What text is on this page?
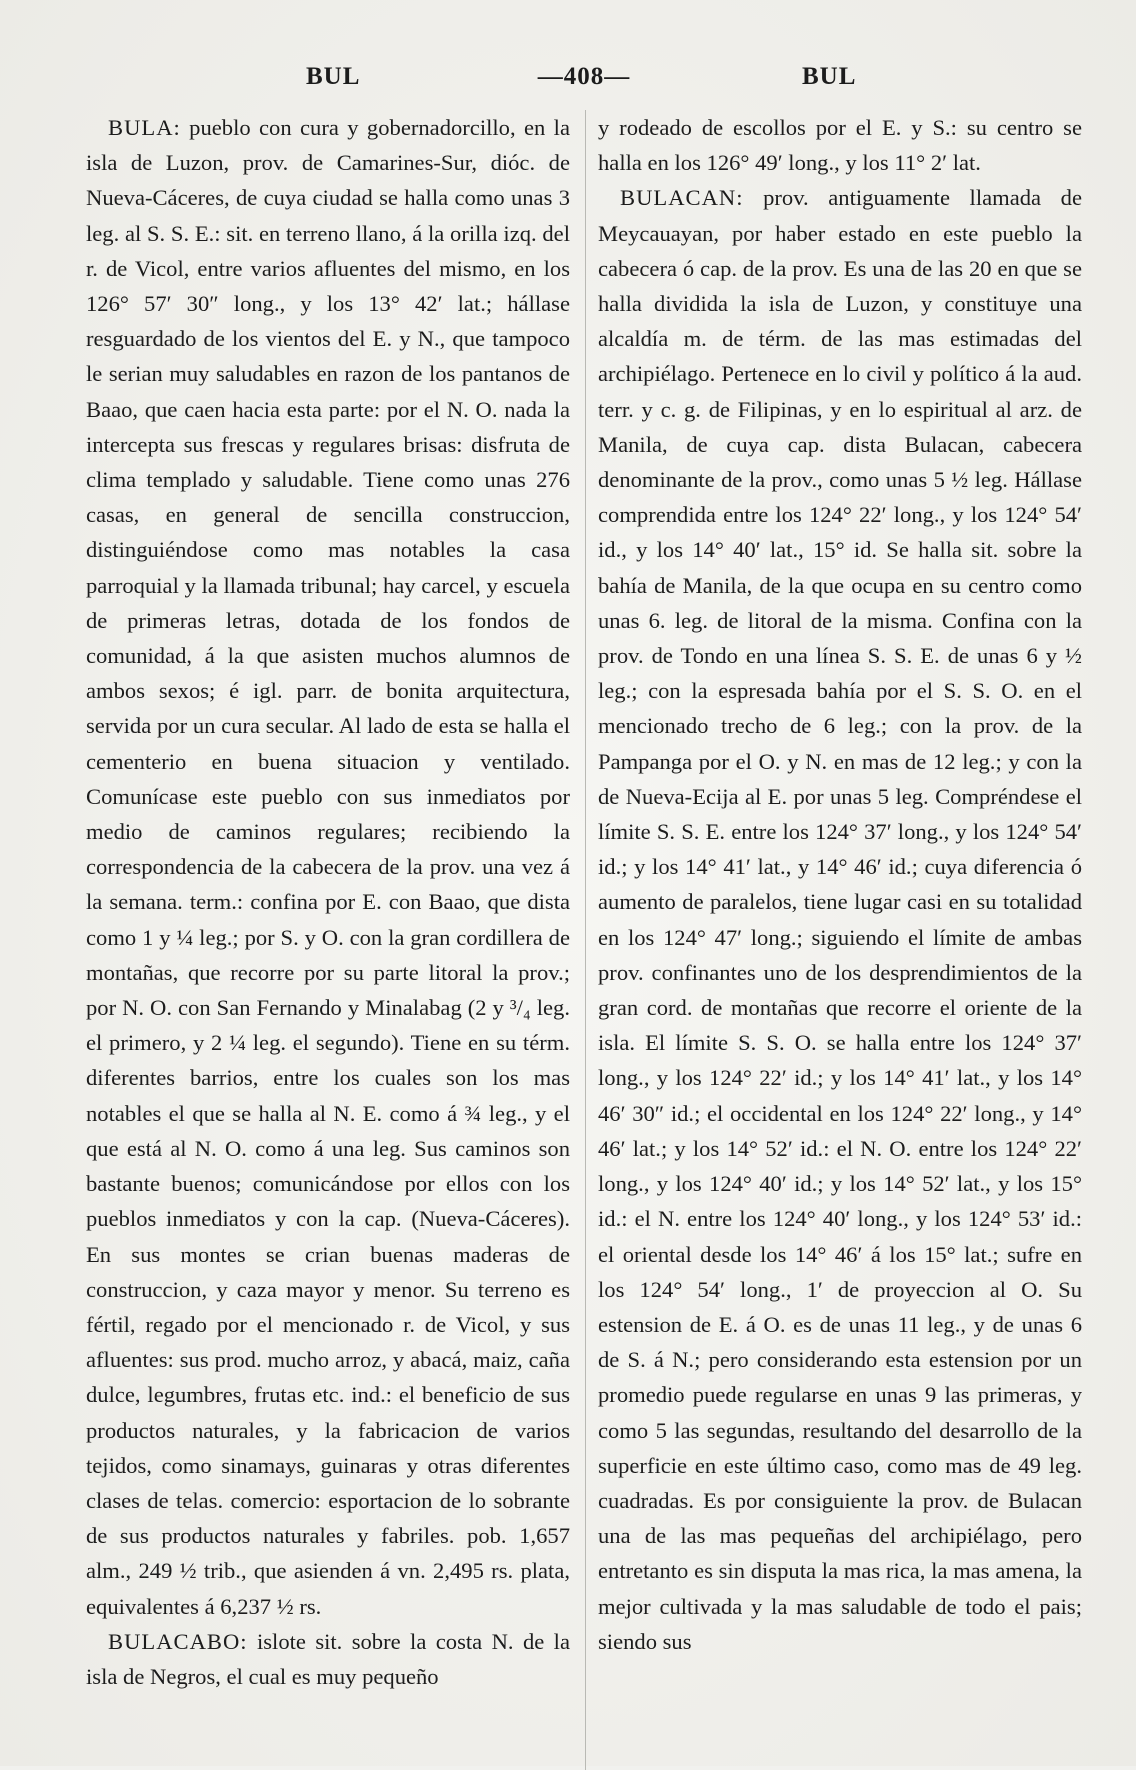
BUL	—408—	BUL

BULA: pueblo con cura y gobernadorcillo, en la isla de Luzon, prov. de Camarines-Sur, dióc. de Nueva-Cáceres, de cuya ciudad se halla como unas 3 leg. al S. S. E.: sit. en terreno llano, á la orilla izq. del r. de Vicol, entre varios afluentes del mismo, en los 126° 57′ 30″ long., y los 13° 42′ lat.; hállase resguardado de los vientos del E. y N., que tampoco le serian muy saludables en razon de los pantanos de Baao, que caen hacia esta parte: por el N. O. nada la intercepta sus frescas y regulares brisas: disfruta de clima templado y saludable. Tiene como unas 276 casas, en general de sencilla construccion, distinguiéndose como mas notables la casa parroquial y la llamada tribunal; hay carcel, y escuela de primeras letras, dotada de los fondos de comunidad, á la que asisten muchos alumnos de ambos sexos; é igl. parr. de bonita arquitectura, servida por un cura secular. Al lado de esta se halla el cementerio en buena situacion y ventilado. Comunícase este pueblo con sus inmediatos por medio de caminos regulares; recibiendo la correspondencia de la cabecera de la prov. una vez á la semana. term.: confina por E. con Baao, que dista como 1 y ¼ leg.; por S. y O. con la gran cordillera de montañas, que recorre por su parte litoral la prov.; por N. O. con San Fernando y Minalabag (2 y ³/₄ leg. el primero, y 2 ¼ leg. el segundo). Tiene en su térm. diferentes barrios, entre los cuales son los mas notables el que se halla al N. E. como á ¾ leg., y el que está al N. O. como á una leg. Sus caminos son bastante buenos; comunicándose por ellos con los pueblos inmediatos y con la cap. (Nueva-Cáceres). En sus montes se crian buenas maderas de construccion, y caza mayor y menor. Su terreno es fértil, regado por el mencionado r. de Vicol, y sus afluentes: sus prod. mucho arroz, y abacá, maiz, caña dulce, legumbres, frutas etc. ind.: el beneficio de sus productos naturales, y la fabricacion de varios tejidos, como sinamays, guinaras y otras diferentes clases de telas. comercio: esportacion de lo sobrante de sus productos naturales y fabriles. pob. 1,657 alm., 249 ½ trib., que asienden á vn. 2,495 rs. plata, equivalentes á 6,237 ½ rs.

BULACABO: islote sit. sobre la costa N. de la isla de Negros, el cual es muy pequeño

y rodeado de escollos por el E. y S.: su centro se halla en los 126° 49′ long., y los 11° 2′ lat.

BULACAN: prov. antiguamente llamada de Meycauayan, por haber estado en este pueblo la cabecera ó cap. de la prov. Es una de las 20 en que se halla dividida la isla de Luzon, y constituye una alcaldía m. de térm. de las mas estimadas del archipiélago. Pertenece en lo civil y político á la aud. terr. y c. g. de Filipinas, y en lo espiritual al arz. de Manila, de cuya cap. dista Bulacan, cabecera denominante de la prov., como unas 5 ½ leg. Hállase comprendida entre los 124° 22′ long., y los 124° 54′ id., y los 14° 40′ lat., 15° id. Se halla sit. sobre la bahía de Manila, de la que ocupa en su centro como unas 6. leg. de litoral de la misma. Confina con la prov. de Tondo en una línea S. S. E. de unas 6 y ½ leg.; con la espresada bahía por el S. S. O. en el mencionado trecho de 6 leg.; con la prov. de la Pampanga por el O. y N. en mas de 12 leg.; y con la de Nueva-Ecija al E. por unas 5 leg. Compréndese el límite S. S. E. entre los 124° 37′ long., y los 124° 54′ id.; y los 14° 41′ lat., y 14° 46′ id.; cuya diferencia ó aumento de paralelos, tiene lugar casi en su totalidad en los 124° 47′ long.; siguiendo el límite de ambas prov. confinantes uno de los desprendimientos de la gran cord. de montañas que recorre el oriente de la isla. El límite S. S. O. se halla entre los 124° 37′ long., y los 124° 22′ id.; y los 14° 41′ lat., y los 14° 46′ 30″ id.; el occidental en los 124° 22′ long., y 14° 46′ lat.; y los 14° 52′ id.: el N. O. entre los 124° 22′ long., y los 124° 40′ id.; y los 14° 52′ lat., y los 15° id.: el N. entre los 124° 40′ long., y los 124° 53′ id.: el oriental desde los 14° 46′ á los 15° lat.; sufre en los 124° 54′ long., 1′ de proyeccion al O. Su estension de E. á O. es de unas 11 leg., y de unas 6 de S. á N.; pero considerando esta estension por un promedio puede regularse en unas 9 las primeras, y como 5 las segundas, resultando del desarrollo de la superficie en este último caso, como mas de 49 leg. cuadradas. Es por consiguiente la prov. de Bulacan una de las mas pequeñas del archipiélago, pero entretanto es sin disputa la mas rica, la mas amena, la mejor cultivada y la mas saludable de todo el pais; siendo sus
